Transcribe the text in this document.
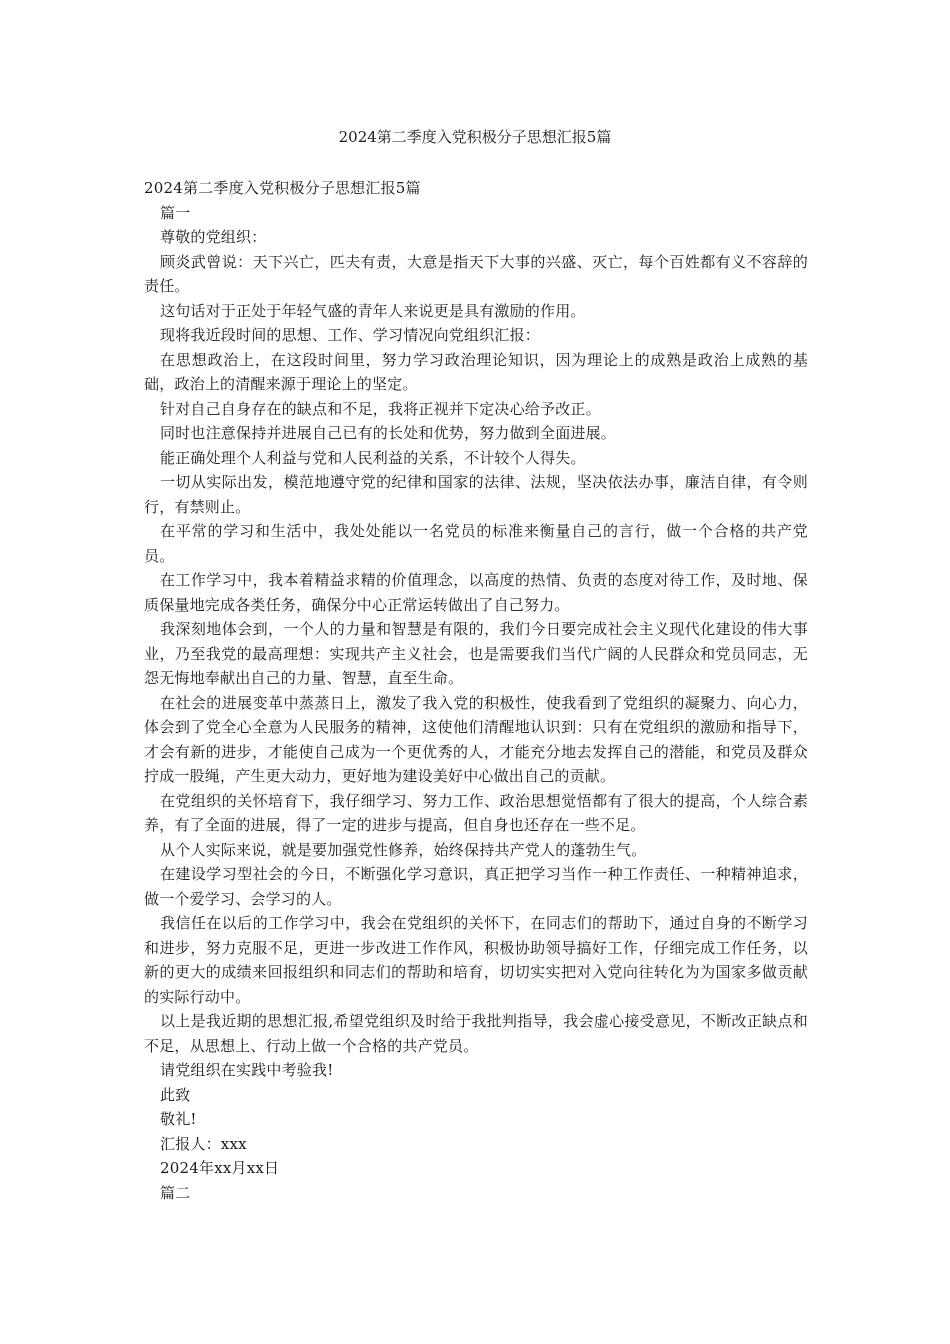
2024第二季度入党积极分子思想汇报5篇

2024第二季度入党积极分子思想汇报5篇

篇一

尊敬的党组织：

顾炎武曾说：天下兴亡，匹夫有责，大意是指天下大事的兴盛、灭亡，每个百姓都有义不容辞的责任。

这句话对于正处于年轻气盛的青年人来说更是具有激励的作用。

现将我近段时间的思想、工作、学习情况向党组织汇报：

在思想政治上，在这段时间里，努力学习政治理论知识，因为理论上的成熟是政治上成熟的基础，政治上的清醒来源于理论上的坚定。

针对自己自身存在的缺点和不足，我将正视并下定决心给予改正。

同时也注意保持并进展自己已有的长处和优势，努力做到全面进展。

能正确处理个人利益与党和人民利益的关系，不计较个人得失。

一切从实际出发，模范地遵守党的纪律和国家的法律、法规，坚决依法办事，廉洁自律，有令则行，有禁则止。

在平常的学习和生活中，我处处能以一名党员的标准来衡量自己的言行，做一个合格的共产党员。

在工作学习中，我本着精益求精的价值理念，以高度的热情、负责的态度对待工作，及时地、保质保量地完成各类任务，确保分中心正常运转做出了自己努力。

我深刻地体会到，一个人的力量和智慧是有限的，我们今日要完成社会主义现代化建设的伟大事业，乃至我党的最高理想：实现共产主义社会，也是需要我们当代广阔的人民群众和党员同志，无怨无悔地奉献出自己的力量、智慧，直至生命。

在社会的进展变革中蒸蒸日上，激发了我入党的积极性，使我看到了党组织的凝聚力、向心力，体会到了党全心全意为人民服务的精神，这使他们清醒地认识到：只有在党组织的激励和指导下，才会有新的进步，才能使自己成为一个更优秀的人，才能充分地去发挥自己的潜能，和党员及群众拧成一股绳，产生更大动力，更好地为建设美好中心做出自己的贡献。

在党组织的关怀培育下，我仔细学习、努力工作、政治思想觉悟都有了很大的提高，个人综合素养，有了全面的进展，得了一定的进步与提高，但自身也还存在一些不足。

从个人实际来说，就是要加强党性修养，始终保持共产党人的蓬勃生气。

在建设学习型社会的今日，不断强化学习意识，真正把学习当作一种工作责任、一种精神追求，做一个爱学习、会学习的人。

我信任在以后的工作学习中，我会在党组织的关怀下，在同志们的帮助下，通过自身的不断学习和进步，努力克服不足，更进一步改进工作作风，积极协助领导搞好工作，仔细完成工作任务，以新的更大的成绩来回报组织和同志们的帮助和培育，切切实实把对入党向往转化为为国家多做贡献的实际行动中。

以上是我近期的思想汇报,希望党组织及时给于我批判指导，我会虚心接受意见，不断改正缺点和不足，从思想上、行动上做一个合格的共产党员。

请党组织在实践中考验我!

此致

敬礼!

汇报人：xxx

2024年xx月xx日

篇二
